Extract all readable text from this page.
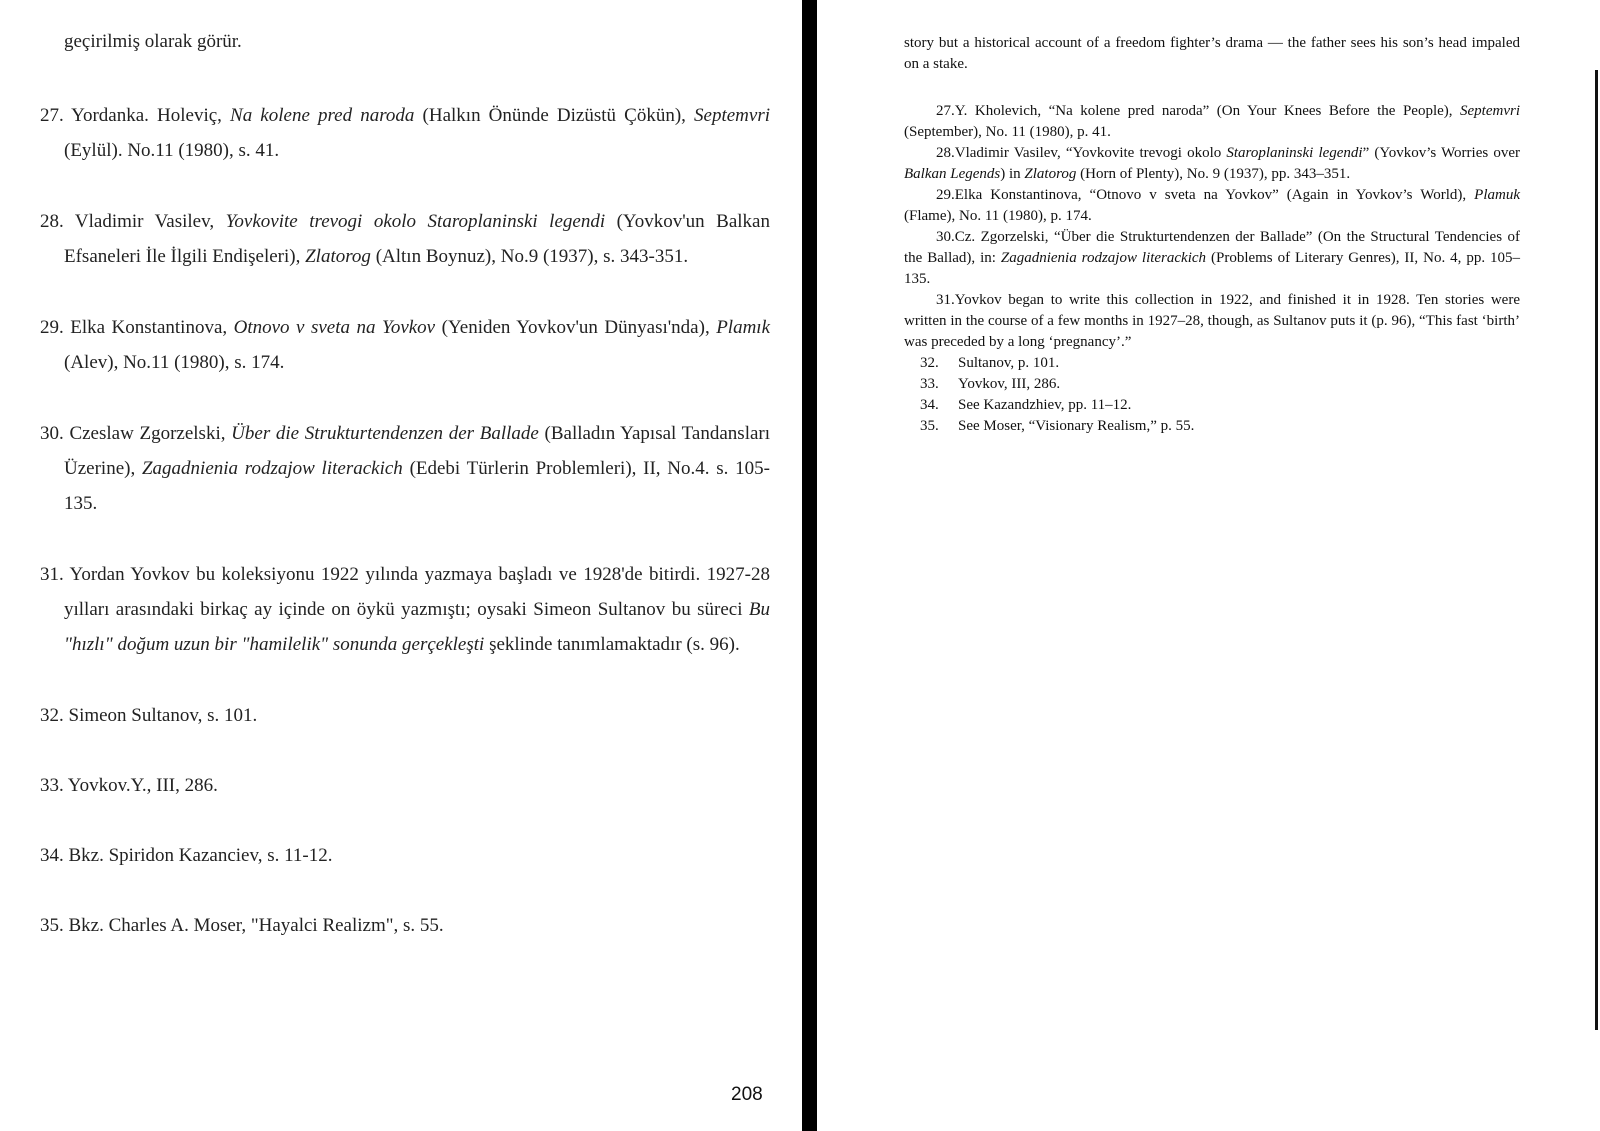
geçirilmiş olarak görür.
27. Yordanka. Holeviç, Na kolene pred naroda (Halkın Önünde Dizüstü Çökün), Septemvri (Eylül). No.11 (1980), s. 41.
28. Vladimir Vasilev, Yovkovite trevogi okolo Staroplaninski legendi (Yovkov'un Balkan Efsaneleri İle İlgili Endişeleri), Zlatorog (Altın Boynuz), No.9 (1937), s. 343-351.
29. Elka Konstantinova, Otnovo v sveta na Yovkov (Yeniden Yovkov'un Dünyası'nda), Plamık (Alev), No.11 (1980), s. 174.
30. Czeslaw Zgorzelski, Über die Strukturtendenzen der Ballade (Balladın Yapısal Tandansları Üzerine), Zagadnienia rodzajow literackich (Edebi Türlerin Problemleri), II, No.4. s. 105-135.
31. Yordan Yovkov bu koleksiyonu 1922 yılında yazmaya başladı ve 1928'de bitirdi. 1927-28 yılları arasındaki birkaç ay içinde on öykü yazmıştı; oysaki Simeon Sultanov bu süreci Bu "hızlı" doğum uzun bir "hamilelik" sonunda gerçekleşti şeklinde tanımlamaktadır (s. 96).
32. Simeon Sultanov, s. 101.
33. Yovkov.Y., III, 286.
34. Bkz. Spiridon Kazanciev, s. 11-12.
35. Bkz. Charles A. Moser, "Hayalci Realizm", s. 55.
208
story but a historical account of a freedom fighter’s drama — the father sees his son’s head impaled on a stake.
27.Y. Kholevich, “Na kolene pred naroda” (On Your Knees Before the People), Septemvri (September), No. 11 (1980), p. 41.
28.Vladimir Vasilev, “Yovkovite trevogi okolo Staroplaninski legendi” (Yovkov’s Worries over Balkan Legends) in Zlatorog (Horn of Plenty), No. 9 (1937), pp. 343–351.
29.Elka Konstantinova, “Otnovo v sveta na Yovkov” (Again in Yovkov’s World), Plamuk (Flame), No. 11 (1980), p. 174.
30.Cz. Zgorzelski, “Über die Strukturtendenzen der Ballade” (On the Structural Tendencies of the Ballad), in: Zagadnienia rodzajow literackich (Problems of Literary Genres), II, No. 4, pp. 105–135.
31.Yovkov began to write this collection in 1922, and finished it in 1928. Ten stories were written in the course of a few months in 1927–28, though, as Sultanov puts it (p. 96), “This fast ‘birth’ was preceded by a long ‘pregnancy’.”
32. Sultanov, p. 101.
33. Yovkov, III, 286.
34. See Kazandzhiev, pp. 11–12.
35. See Moser, “Visionary Realism,” p. 55.
